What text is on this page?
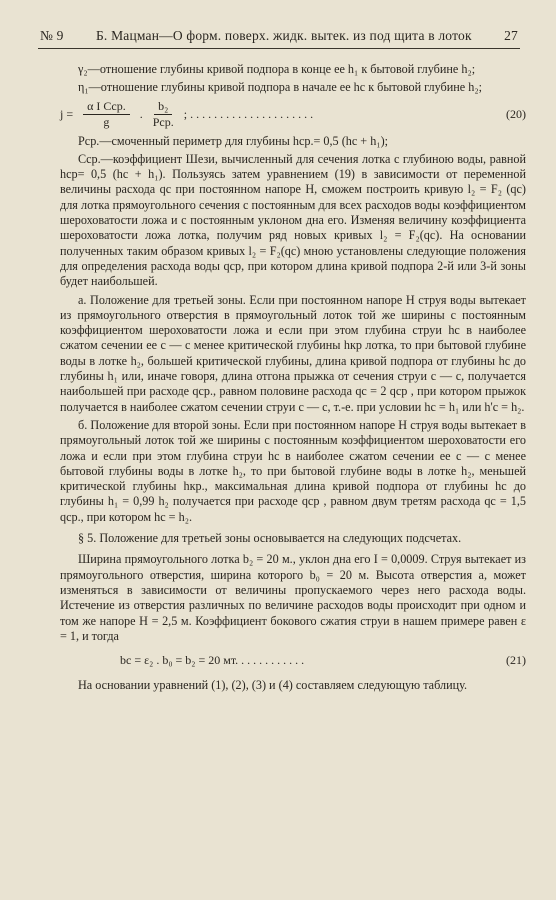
№ 9 Б. Мацман—О форм. поверх. жидк. вытек. из под щита в лоток 27

γ₂—отношение глубины кривой подпора в конце ее h₁ к бытовой глубине h₂;

η₁—отношение глубины кривой подпора в начале ее hc к бытовой глубине h₂;

$j = \frac{\text{α I Cср.}}{g}$ . $\frac{\text{b₂}}{\text{Pср.}}$ ; . . . . . . . . . . . . . . . . . . . . .	(20)

Pср.—смоченный периметр для глубины hср.= 0,5 (hc + h₁);

Cср.—коэффициент Шези, вычисленный для сечения лотка с глубиною воды, равной hср= 0,5 (hc + h₁). Пользуясь затем уравнением (19) в зависимости от переменной величины расхода qc при постоянном напоре H, сможем построить кривую l₂ = F₂ (qc) для лотка прямоугольного сечения с постоянным для всех расходов воды коэффициентом шероховатости ложа и с постоянным уклоном дна его. Изменяя величину коэффициента шероховатости ложа лотка, получим ряд новых кривых l₂ = F₂(qc). На основании полученных таким образом кривых l₂ = F₂(qc) мною установлены следующие положения для определения расхода воды qср, при котором длина кривой подпора 2-й или 3-й зоны будет наибольшей.

а. Положение для третьей зоны. Если при постоянном напоре H струя воды вытекает из прямоугольного отверстия в прямоугольный лоток той же ширины с постоянным коэффициентом шероховатости ложа и если при этом глубина струи hc в наиболее сжатом сечении ее c — c менее критической глубины hкр лотка, то при бытовой глубине воды в лотке h₂, большей критической глубины, длина кривой подпора от глубины hc до глубины h₁ или, иначе говоря, длина отгона прыжка от сечения струи c — c, получается наибольшей при расходе qср., равном половине расхода qc = 2 qср , при котором прыжок получается в наиболее сжатом сечении струи c — c, т.-е. при условии hc = h₁ или h'c = h₂.

б. Положение для второй зоны. Если при постоянном напоре H струя воды вытекает в прямоугольный лоток той же ширины с постоянным коэффициентом шероховатости его ложа и если при этом глубина струи hc в наиболее сжатом сечении ее c — c менее бытовой глубины воды в лотке h₂, то при бытовой глубине воды в лотке h₂, меньшей критической глубины hкр., максимальная длина кривой подпора от глубины hc до глубины h₁ = 0,99 h₂ получается при расходе qср , равном двум третям расхода qc = 1,5 qср., при котором hc = h₂.

§ 5. Положение для третьей зоны основывается на следующих подсчетах.

Ширина прямоугольного лотка b₂ = 20 м., уклон дна его I = 0,0009. Струя вытекает из прямоугольного отверстия, ширина которого b₀ = 20 м. Высота отверстия a, может изменяться в зависимости от величины пропускаемого через него расхода воды. Истечение из отверстия различных по величине расходов воды происходит при одном и том же напоре H = 2,5 м. Коэффициент бокового сжатия струи в нашем примере равен ε = 1, и тогда

bc = ε₂ . b₀ = b₂ = 20 мт. . . . . . . . . . . .	(21)

На основании уравнений (1), (2), (3) и (4) составляем следующую таблицу.
